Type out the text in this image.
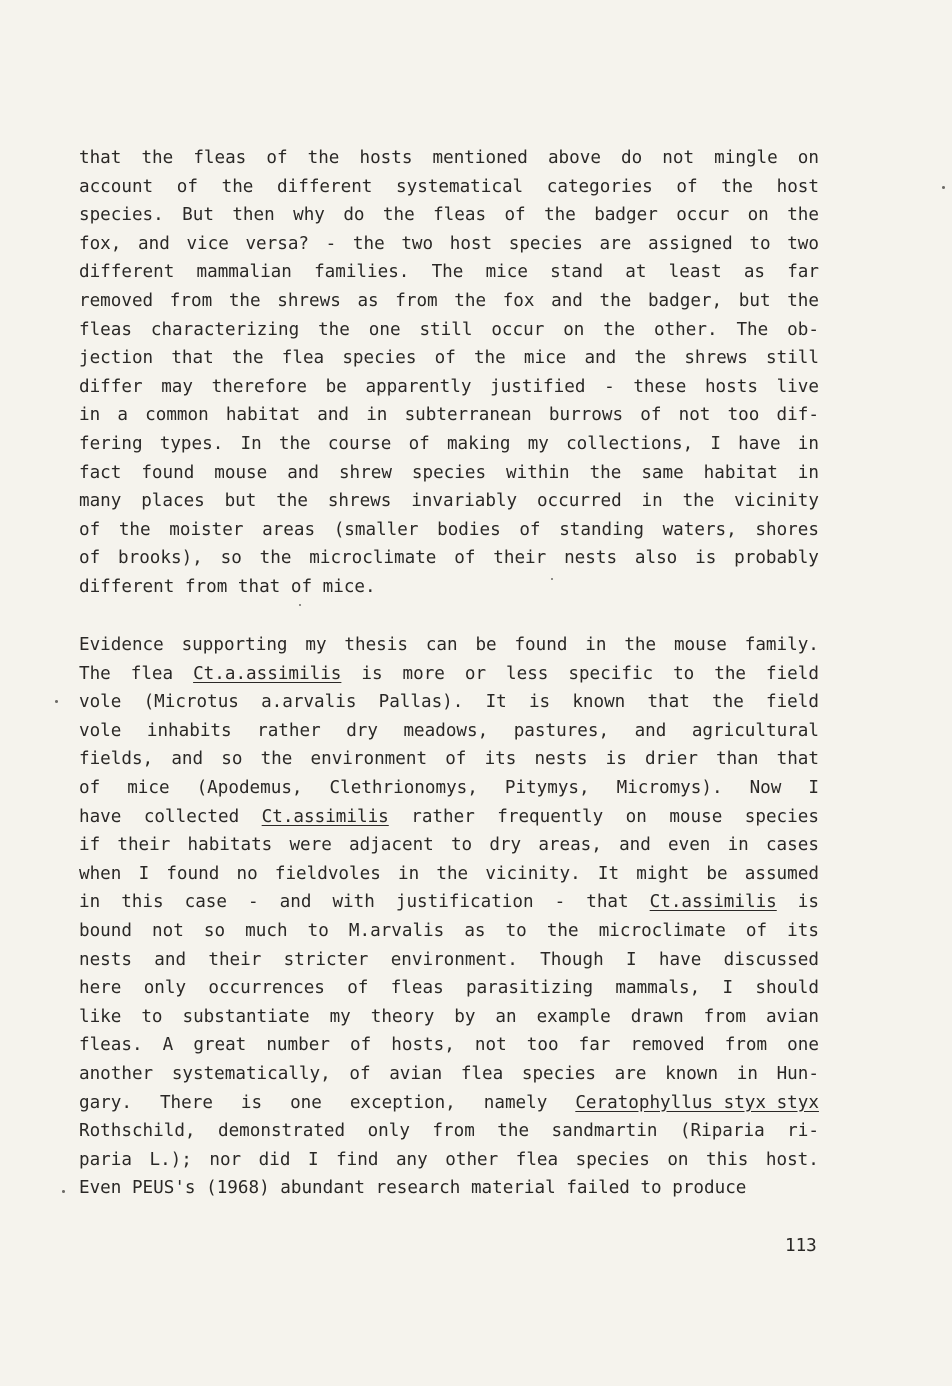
that the fleas of the hosts mentioned above do not mingle on
account of the different systematical categories of the host
species. But then why do the fleas of the badger occur on the
fox, and vice versa? - the two host species are assigned to two
different mammalian families. The mice stand at least as far
removed from the shrews as from the fox and the badger, but the
fleas characterizing the one still occur on the other. The ob-
jection that the flea species of the mice and the shrews still
differ may therefore be apparently justified - these hosts live
in a common habitat and in subterranean burrows of not too dif-
fering types. In the course of making my collections, I have in
fact found mouse and shrew species within the same habitat in
many places but the shrews invariably occurred in the vicinity
of the moister areas (smaller bodies of standing waters, shores
of brooks), so the microclimate of their nests also is probably
different from that of mice.
Evidence supporting my thesis can be found in the mouse family.
The flea Ct.a.assimilis is more or less specific to the field
vole (Microtus a.arvalis Pallas). It is known that the field
vole inhabits rather dry meadows, pastures, and agricultural
fields, and so the environment of its nests is drier than that
of mice (Apodemus, Clethrionomys, Pitymys, Micromys). Now I
have collected Ct.assimilis rather frequently on mouse species
if their habitats were adjacent to dry areas, and even in cases
when I found no fieldvoles in the vicinity. It might be assumed
in this case - and with justification - that Ct.assimilis is
bound not so much to M.arvalis as to the microclimate of its
nests and their stricter environment. Though I have discussed
here only occurrences of fleas parasitizing mammals, I should
like to substantiate my theory by an example drawn from avian
fleas. A great number of hosts, not too far removed from one
another systematically, of avian flea species are known in Hun-
gary. There is one exception, namely Ceratophyllus styx styx
Rothschild, demonstrated only from the sandmartin (Riparia ri-
paria L.); nor did I find any other flea species on this host.
Even PEUS's (1968) abundant research material failed to produce
113
